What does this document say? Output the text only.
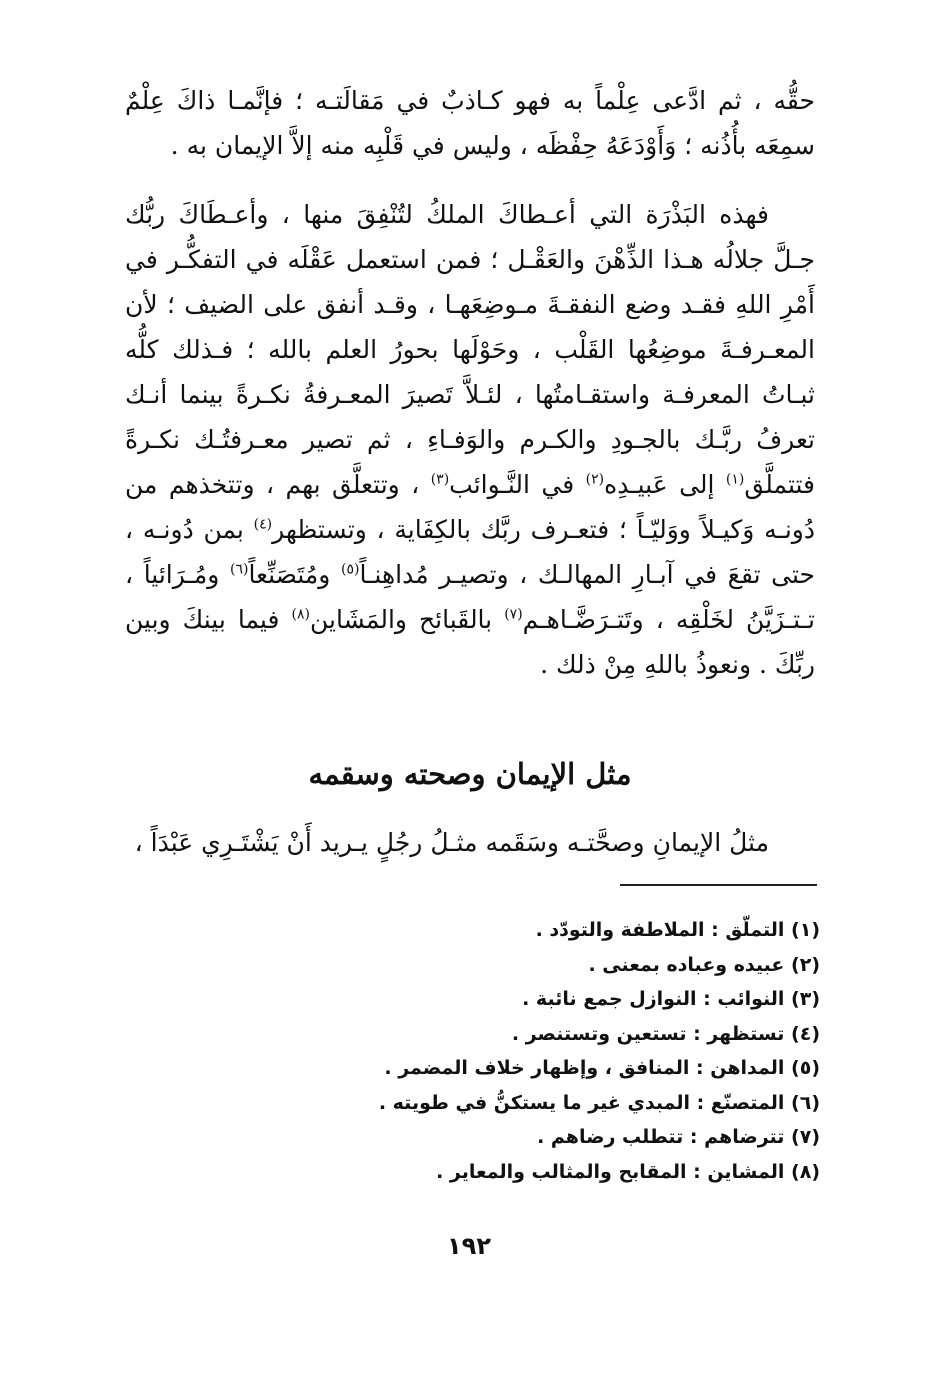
حقُّه ، ثم ادَّعى عِلْماً به فهو كـاذبٌ في مَقالَتـه ؛ فإنَّمـا ذاكَ عِلْمٌ سمِعَه بأُذُنه ؛ وَأَوْدَعَهُ حِفْظَه ، وليس في قَلْبِه منه إلاَّ الإيمان به .

فهذه البَذْرَة التي أعـطاكَ الملكُ لتُنْفِقَ منها ، وأعـطَاكَ ربُّك جـلَّ جلالُه هـذا الذِّهْنَ والعَقْـل ؛ فمن استعمل عَقْلَه في التفكُّـر في أَمْرِ اللهِ فقـد وضع النفقـةَ مـوضِعَهـا ، وقـد أنفق على الضيف ؛ لأن المعـرفـةَ موضِعُها القَلْب ، وحَوْلَها بحورُ العلم بالله ؛ فـذلك كلُّه ثبـاتُ المعرفـة واستقـامتُها ، لئـلاَّ تَصيرَ المعـرفةُ نكـرةً بينما أنـك تعرفُ ربَّـك بالجـودِ والكـرم والوَفـاءِ ، ثم تصير معـرفتُـك نكـرةً فتتملَّق$^{(١)}$ إلى عَبيـدِه$^{(٢)}$ في النَّـوائب$^{(٣)}$ ، وتتعلَّق بهم ، وتتخذهم من دُونـه وَكيـلاً ووَليّـاً ؛ فتعـرف ربَّك بالكِفَاية ، وتستظهر$^{(٤)}$ بمن دُونـه ، حتى تقعَ في آبـارِ المهالـك ، وتصيـر مُداهِنـاً$^{(٥)}$ ومُتَصَنِّعاً$^{(٦)}$ ومُـرَائياً ، تـتـزَيَّنُ لخَلْقِه ، وتَتـرَضَّـاهـم$^{(٧)}$ بالقَبائح والمَشَاين$^{(٨)}$ فيما بينكَ وبين ربِّكَ . ونعوذُ باللهِ مِنْ ذلك .

مثل الإيمان وصحته وسقمه

مثلُ الإيمانِ وصحَّتـه وسَقَمه مثـلُ رجُلٍ يـريد أَنْ يَشْتَـرِي عَبْدَاً ،

(١) التملّق : الملاطفة والتودّد .
(٢) عبيده وعباده بمعنى .
(٣) النوائب : النوازل جمع نائبة .
(٤) تستظهر : تستعين وتستنصر .
(٥) المداهن : المنافق ، وإظهار خلاف المضمر .
(٦) المتصنّع : المبدي غير ما يستكنُّ في طويته .
(٧) تترضاهم : تتطلب رضاهم .
(٨) المشاين : المقابح والمثالب والمعاير .
١٩٢
